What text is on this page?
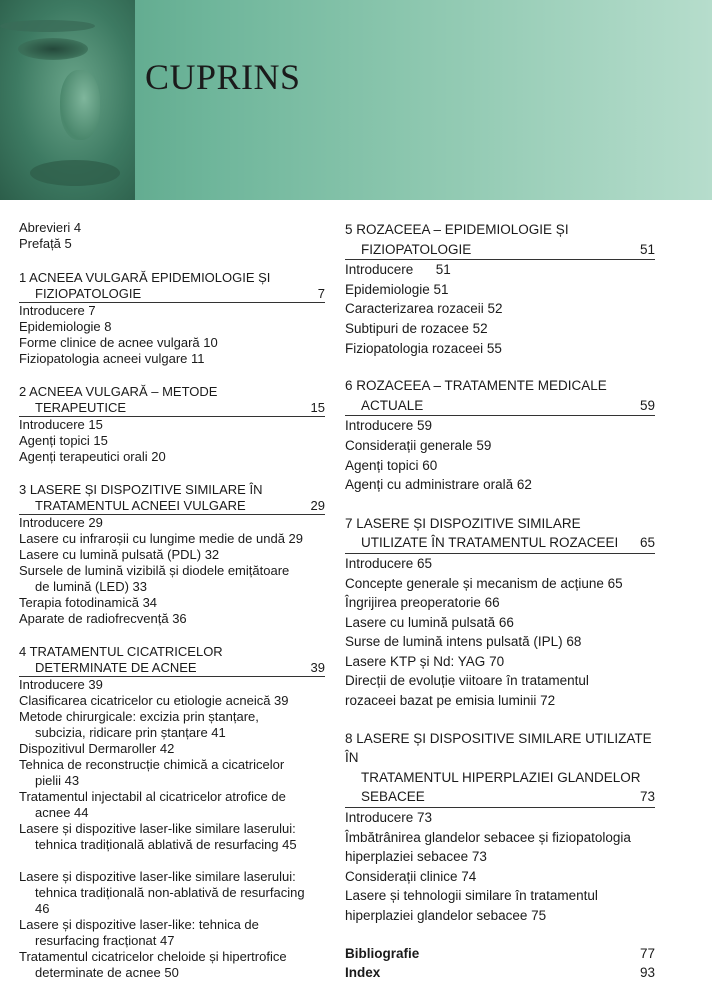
CUPRINS
Abrevieri 4
Prefață 5
1 ACNEEA VULGARĂ EPIDEMIOLOGIE ȘI
FIZIOPATOLOGIE	7
Introducere 7
Epidemiologie 8
Forme clinice de acnee vulgară 10
Fiziopatologia acneei vulgare 11
2 ACNEEA VULGARĂ – METODE
TERAPEUTICE	15
Introducere 15
Agenți topici 15
Agenți terapeutici orali 20
3 LASERE ȘI DISPOZITIVE SIMILARE ÎN
TRATAMENTUL ACNEEI VULGARE	29
Introducere 29
Lasere cu infraroșii cu lungime medie de undă 29
Lasere cu lumină pulsată (PDL) 32
Sursele de lumină vizibilă și diodele emițătoare
de lumină (LED) 33
Terapia fotodinamică 34
Aparate de radiofrecvență 36
4 TRATAMENTUL CICATRICELOR
DETERMINATE DE ACNEE	39
Introducere 39
Clasificarea cicatricelor cu etiologie acneică 39
Metode chirurgicale: excizia prin ștanțare,
subcizia, ridicare prin ștanțare 41
Dispozitivul Dermaroller 42
Tehnica de reconstrucție chimică a cicatricelor
pielii 43
Tratamentul injectabil al cicatricelor atrofice de
acnee 44
Lasere și dispozitive laser-like similare laserului:
tehnica tradițională ablativă de resurfacing 45
Lasere și dispozitive laser-like similare laserului:
tehnica tradițională non-ablativă de resurfacing
46
Lasere și dispozitive laser-like: tehnica de
resurfacing fracționat 47
Tratamentul cicatricelor cheloide și hipertrofice
determinate de acnee 50
5 ROZACEEA – EPIDEMIOLOGIE ȘI
FIZIOPATOLOGIE	51
Introducere      51
Epidemiologie 51
Caracterizarea rozaceii 52
Subtipuri de rozacee 52
Fiziopatologia rozaceei 55
6 ROZACEEA – TRATAMENTE MEDICALE
ACTUALE	59
Introducere 59
Considerații generale 59
Agenți topici 60
Agenți cu administrare orală 62
7 LASERE ȘI DISPOZITIVE SIMILARE
UTILIZATE ÎN TRATAMENTUL ROZACEEI 65
Introducere 65
Concepte generale și mecanism de acțiune 65
Îngrijirea preoperatorie 66
Lasere cu lumină pulsată 66
Surse de lumină intens pulsată (IPL) 68
Lasere KTP și Nd: YAG 70
Direcții de evoluție viitoare în tratamentul
rozaceei bazat pe emisia luminii 72
8 LASERE ȘI DISPOSITIVE SIMILARE UTILIZATE ÎN
TRATAMENTUL HIPERPLAZIEI GLANDELOR
SEBACEE	73
Introducere 73
Îmbătrânirea glandelor sebacee și fiziopatologia
hiperplaziei sebacee 73
Considerații clinice 74
Lasere și tehnologii similare în tratamentul
hiperplaziei glandelor sebacee 75
Bibliografie	77
Index	93
